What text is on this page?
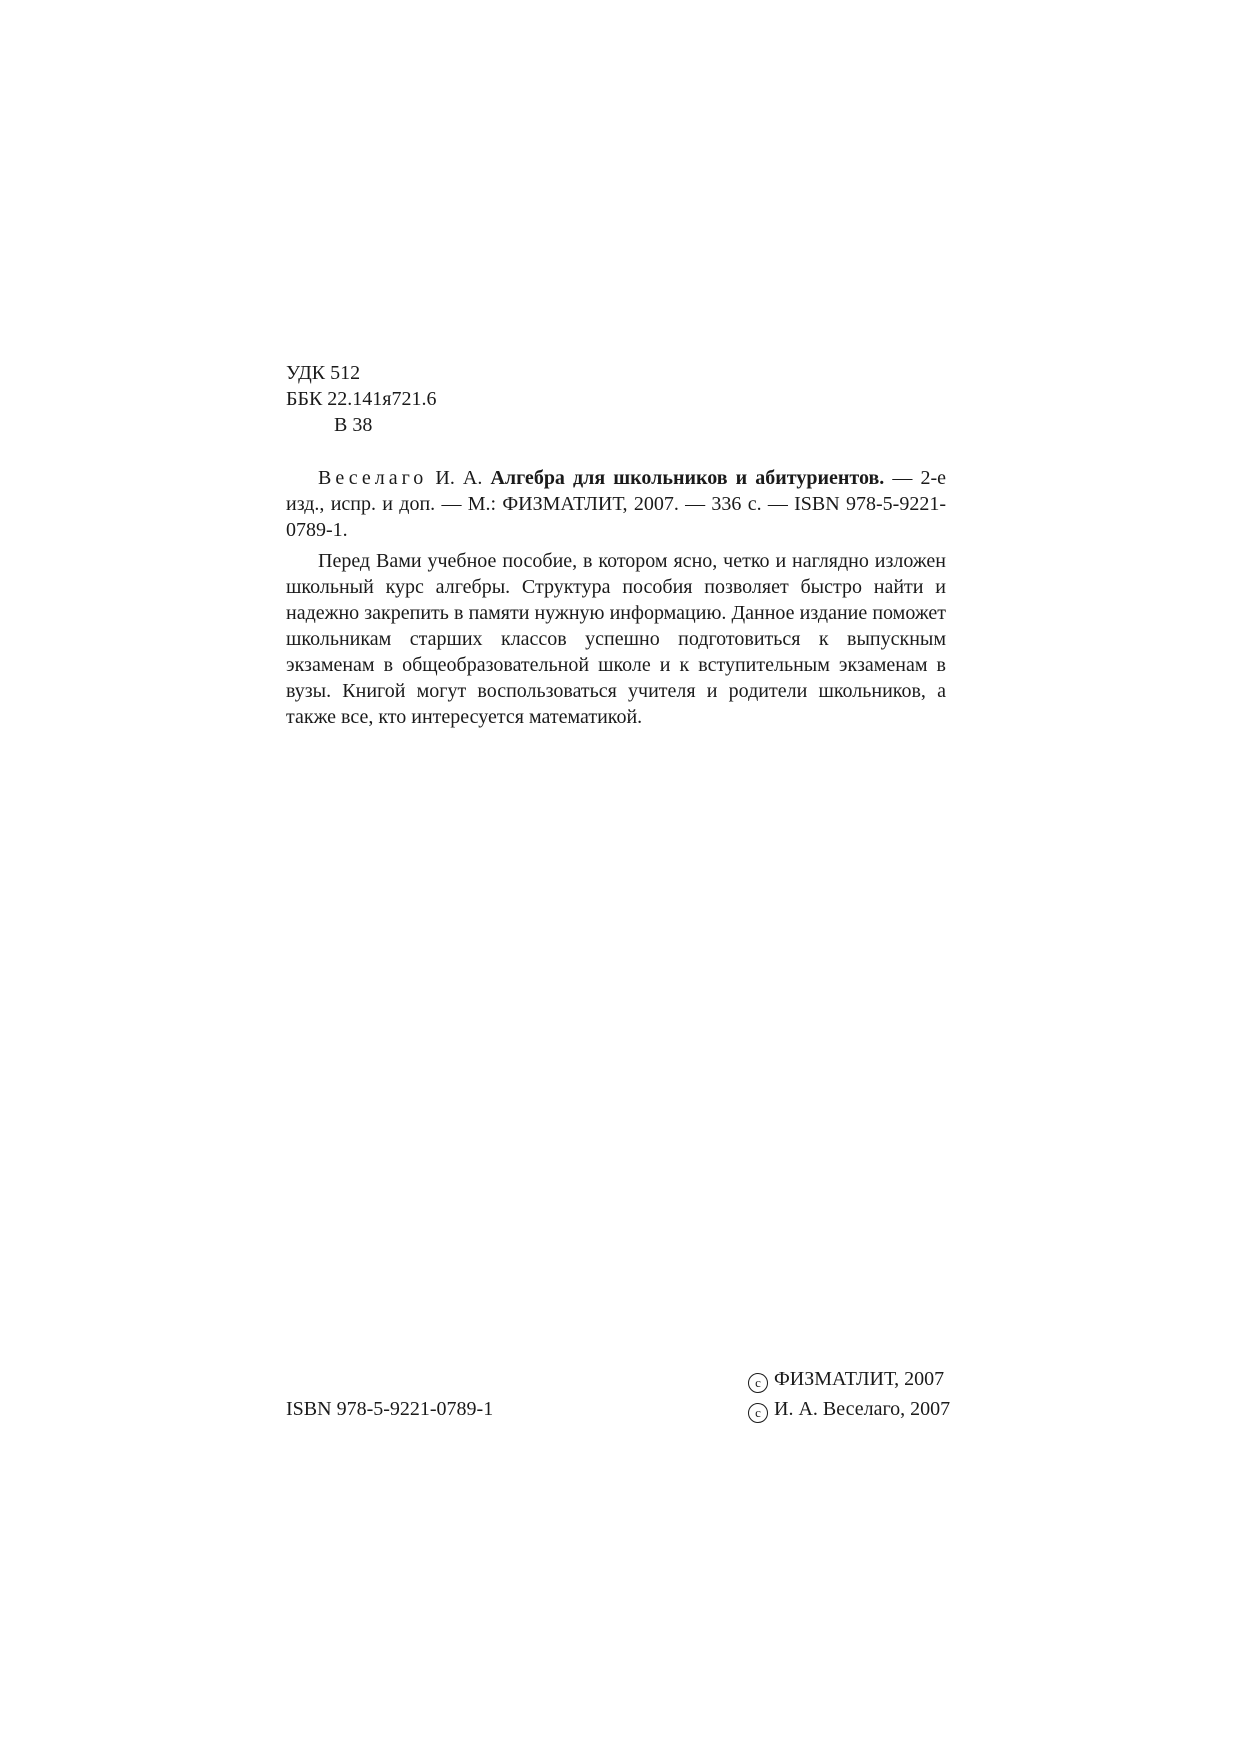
УДК 512
ББК 22.141я721.6
В 38
Веселаго И. А. Алгебра для школьников и абитуриентов. — 2-е изд., испр. и доп. — М.: ФИЗМАТЛИТ, 2007. — 336 с. — ISBN 978-5-9221-0789-1.
Перед Вами учебное пособие, в котором ясно, четко и наглядно изложен школьный курс алгебры. Структура пособия позволяет быстро найти и надежно закрепить в памяти нужную информацию. Данное издание поможет школьникам старших классов успешно подготовиться к выпускным экзаменам в общеобразовательной школе и к вступительным экзаменам в вузы. Книгой могут воспользоваться учителя и родители школьников, а также все, кто интересуется математикой.
ISBN 978-5-9221-0789-1
c ФИЗМАТЛИТ, 2007
c И. А. Веселаго, 2007
